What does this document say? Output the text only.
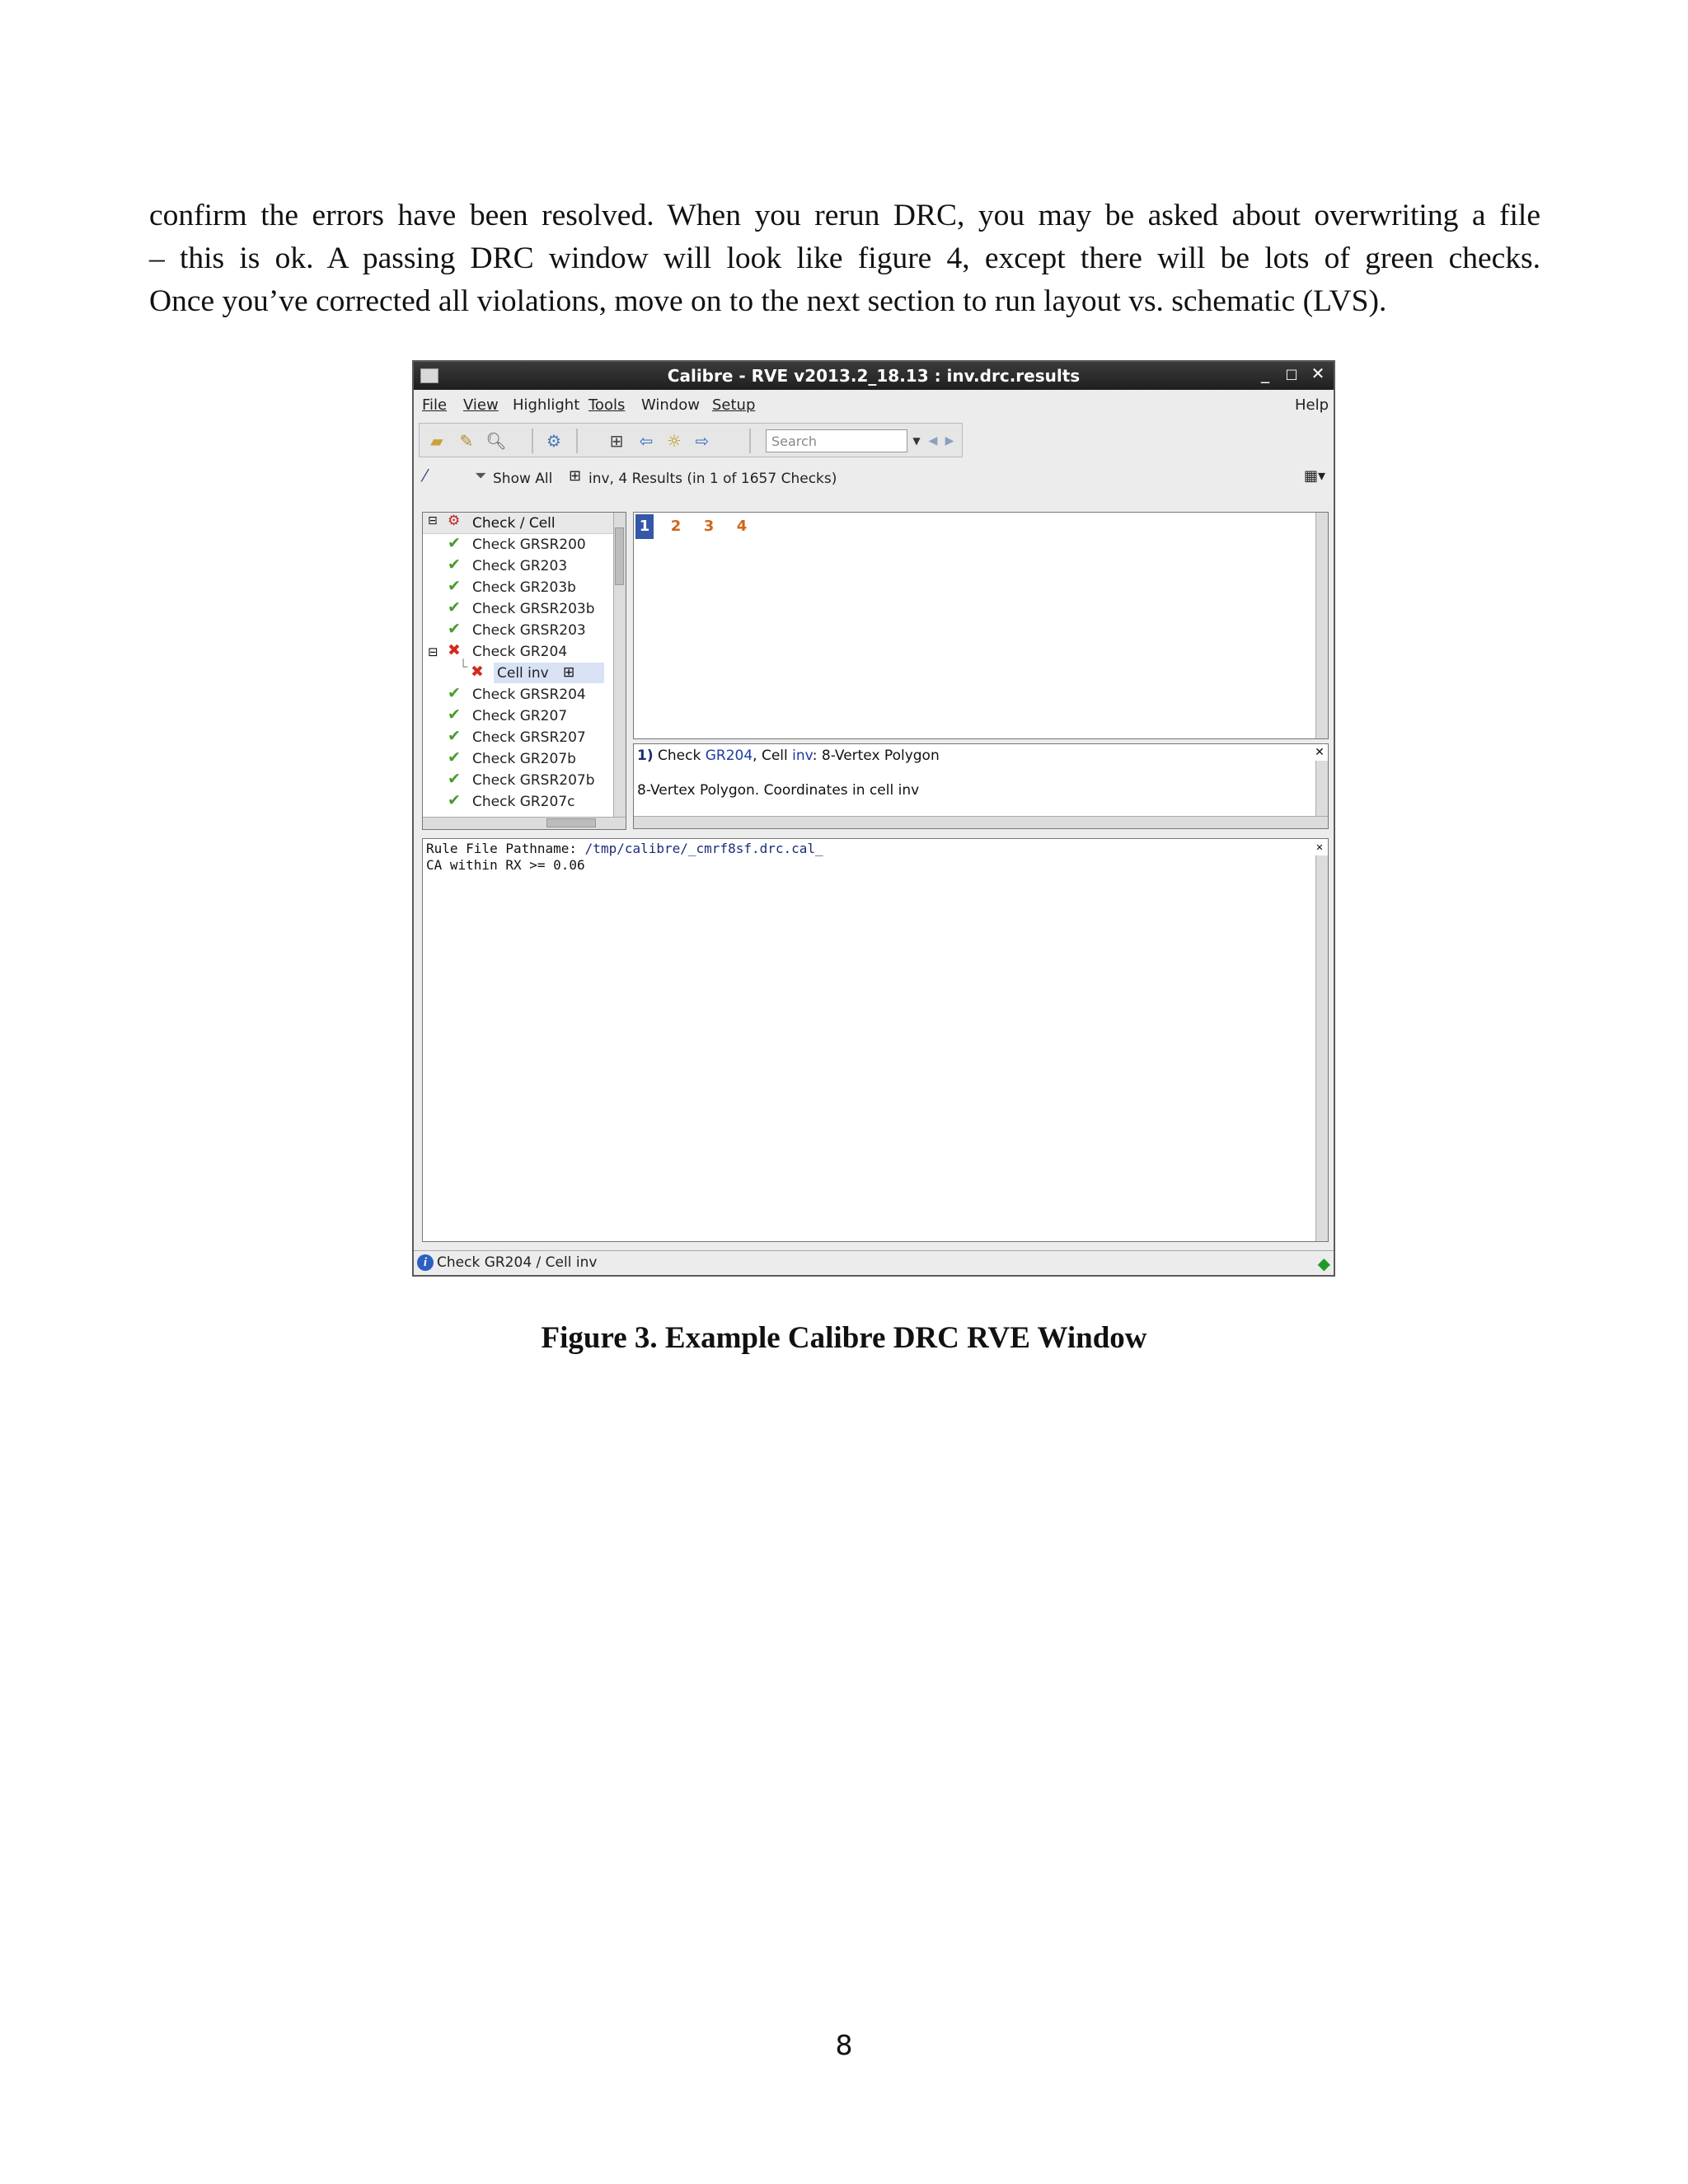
confirm the errors have been resolved. When you rerun DRC, you may be asked about overwriting a file
– this is ok. A passing DRC window will look like figure 4, except there will be lots of green checks.
Once you’ve corrected all violations, move on to the next section to run layout vs. schematic (LVS).

Calibre - RVE v2013.2_18.13 : inv.drc.results	_	□ ✕
File View Highlight Tools Window Setup	Help
▰ ✎ 🔍︎ ⚙	⊞ ⇦ ☼ ⇨	Search	▼ ◀ ▶
⁄	⏷ Show All ⊞ inv, 4 Results (in 1 of 1657 Checks)	▦▾
⊟ ⚙ Check / Cell
✔ Check GRSR200
✔ Check GR203
✔ Check GR203b
✔ Check GRSR203b
✔ Check GRSR203
⊟ ✖ Check GR204
└ ✖ Cell inv ⊞
✔ Check GRSR204
✔ Check GR207
✔ Check GRSR207
✔ Check GR207b
✔ Check GRSR207b
✔ Check GR207c
1 2 3 4
1) Check GR204, Cell inv: 8-Vertex Polygon
8-Vertex Polygon. Coordinates in cell inv
✕
Rule File Pathname: /tmp/calibre/_cmrf8sf.drc.cal_
CA within RX >= 0.06
✕
i Check GR204 / Cell inv	◆
Figure 3. Example Calibre DRC RVE Window
8
